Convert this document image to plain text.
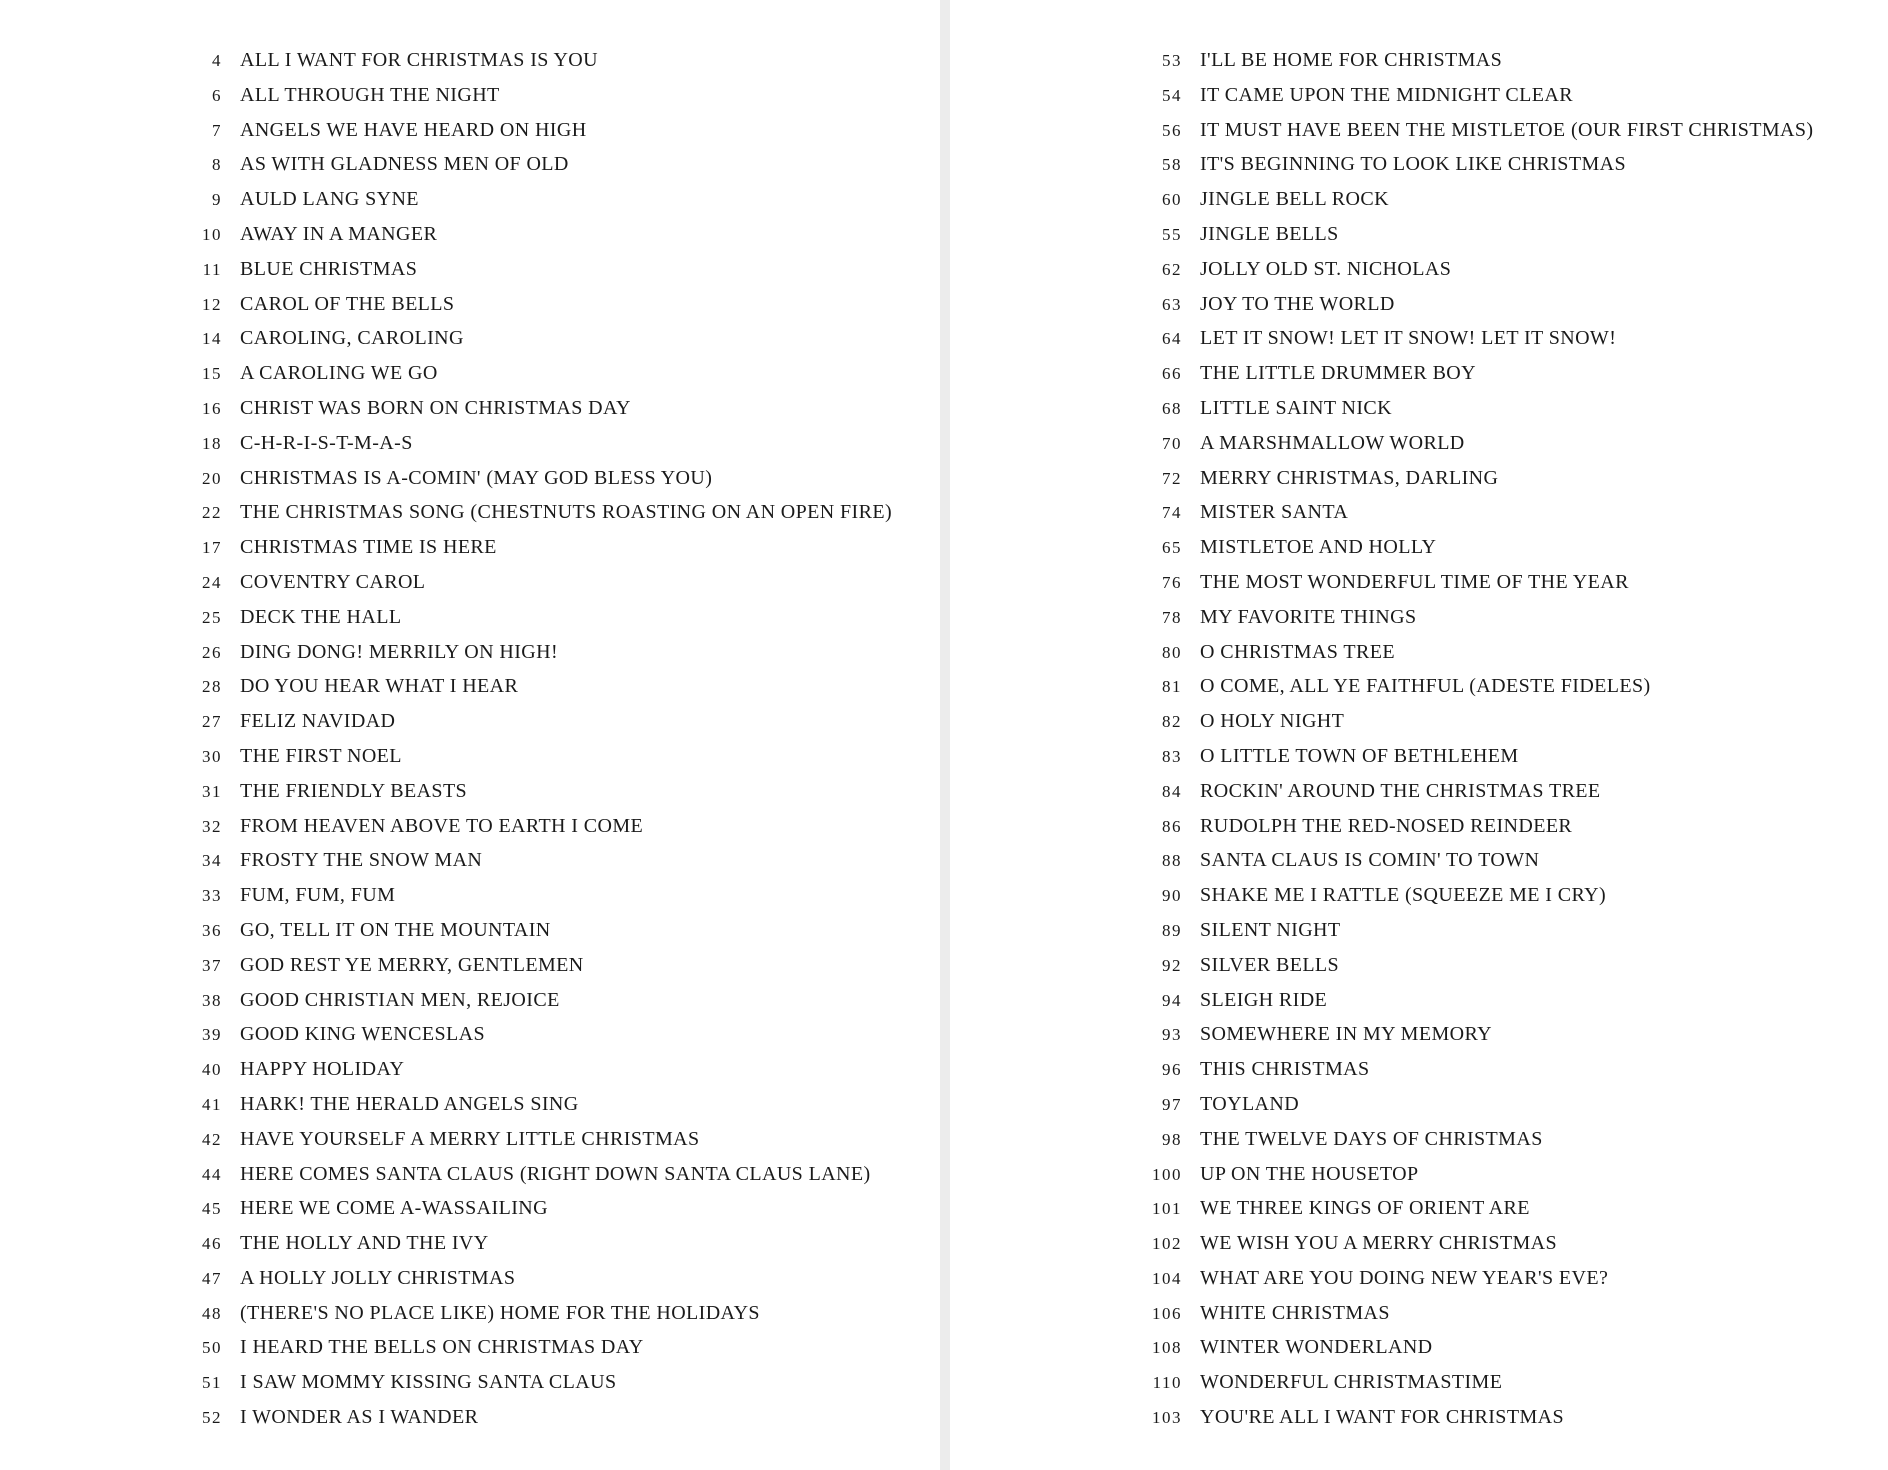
4 ALL I WANT FOR CHRISTMAS IS YOU
6 ALL THROUGH THE NIGHT
7 ANGELS WE HAVE HEARD ON HIGH
8 AS WITH GLADNESS MEN OF OLD
9 AULD LANG SYNE
10 AWAY IN A MANGER
11 BLUE CHRISTMAS
12 CAROL OF THE BELLS
14 CAROLING, CAROLING
15 A CAROLING WE GO
16 CHRIST WAS BORN ON CHRISTMAS DAY
18 C-H-R-I-S-T-M-A-S
20 CHRISTMAS IS A-COMIN' (MAY GOD BLESS YOU)
22 THE CHRISTMAS SONG (CHESTNUTS ROASTING ON AN OPEN FIRE)
17 CHRISTMAS TIME IS HERE
24 COVENTRY CAROL
25 DECK THE HALL
26 DING DONG! MERRILY ON HIGH!
28 DO YOU HEAR WHAT I HEAR
27 FELIZ NAVIDAD
30 THE FIRST NOEL
31 THE FRIENDLY BEASTS
32 FROM HEAVEN ABOVE TO EARTH I COME
34 FROSTY THE SNOW MAN
33 FUM, FUM, FUM
36 GO, TELL IT ON THE MOUNTAIN
37 GOD REST YE MERRY, GENTLEMEN
38 GOOD CHRISTIAN MEN, REJOICE
39 GOOD KING WENCESLAS
40 HAPPY HOLIDAY
41 HARK! THE HERALD ANGELS SING
42 HAVE YOURSELF A MERRY LITTLE CHRISTMAS
44 HERE COMES SANTA CLAUS (RIGHT DOWN SANTA CLAUS LANE)
45 HERE WE COME A-WASSAILING
46 THE HOLLY AND THE IVY
47 A HOLLY JOLLY CHRISTMAS
48 (THERE'S NO PLACE LIKE) HOME FOR THE HOLIDAYS
50 I HEARD THE BELLS ON CHRISTMAS DAY
51 I SAW MOMMY KISSING SANTA CLAUS
52 I WONDER AS I WANDER
53 I'LL BE HOME FOR CHRISTMAS
54 IT CAME UPON THE MIDNIGHT CLEAR
56 IT MUST HAVE BEEN THE MISTLETOE (OUR FIRST CHRISTMAS)
58 IT'S BEGINNING TO LOOK LIKE CHRISTMAS
60 JINGLE BELL ROCK
55 JINGLE BELLS
62 JOLLY OLD ST. NICHOLAS
63 JOY TO THE WORLD
64 LET IT SNOW! LET IT SNOW! LET IT SNOW!
66 THE LITTLE DRUMMER BOY
68 LITTLE SAINT NICK
70 A MARSHMALLOW WORLD
72 MERRY CHRISTMAS, DARLING
74 MISTER SANTA
65 MISTLETOE AND HOLLY
76 THE MOST WONDERFUL TIME OF THE YEAR
78 MY FAVORITE THINGS
80 O CHRISTMAS TREE
81 O COME, ALL YE FAITHFUL (ADESTE FIDELES)
82 O HOLY NIGHT
83 O LITTLE TOWN OF BETHLEHEM
84 ROCKIN' AROUND THE CHRISTMAS TREE
86 RUDOLPH THE RED-NOSED REINDEER
88 SANTA CLAUS IS COMIN' TO TOWN
90 SHAKE ME I RATTLE (SQUEEZE ME I CRY)
89 SILENT NIGHT
92 SILVER BELLS
94 SLEIGH RIDE
93 SOMEWHERE IN MY MEMORY
96 THIS CHRISTMAS
97 TOYLAND
98 THE TWELVE DAYS OF CHRISTMAS
100 UP ON THE HOUSETOP
101 WE THREE KINGS OF ORIENT ARE
102 WE WISH YOU A MERRY CHRISTMAS
104 WHAT ARE YOU DOING NEW YEAR'S EVE?
106 WHITE CHRISTMAS
108 WINTER WONDERLAND
110 WONDERFUL CHRISTMASTIME
103 YOU'RE ALL I WANT FOR CHRISTMAS
